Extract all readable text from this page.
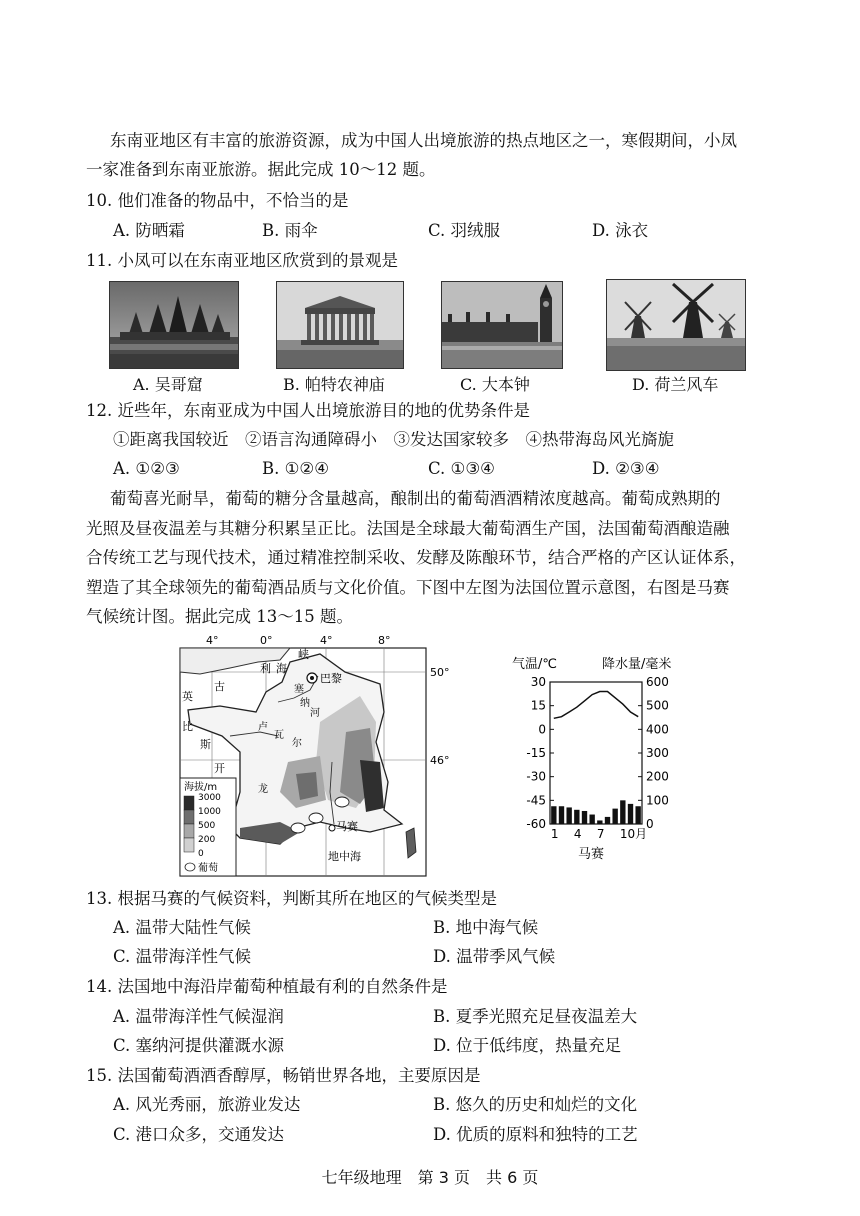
东南亚地区有丰富的旅游资源，成为中国人出境旅游的热点地区之一，寒假期间，小凤
一家准备到东南亚旅游。据此完成 10～12 题。
10. 他们准备的物品中，不恰当的是
A. 防晒霜	B. 雨伞	C. 羽绒服	D. 泳衣
11. 小凤可以在东南亚地区欣赏到的景观是
A. 吴哥窟	B. 帕特农神庙	C. 大本钟	D. 荷兰风车
12. 近些年，东南亚成为中国人出境旅游目的地的优势条件是
①距离我国较近　②语言沟通障碍小　③发达国家较多　④热带海岛风光旖旎
A. ①②③	B. ①②④	C. ①③④	D. ②③④
葡萄喜光耐旱，葡萄的糖分含量越高，酿制出的葡萄酒酒精浓度越高。葡萄成熟期的
光照及昼夜温差与其糖分积累呈正比。法国是全球最大葡萄酒生产国，法国葡萄酒酿造融
合传统工艺与现代技术，通过精准控制采收、发酵及陈酿环节，结合严格的产区认证体系，
塑造了其全球领先的葡萄酒品质与文化价值。下图中左图为法国位置示意图，右图是马赛
气候统计图。据此完成 13～15 题。
4°	0°	4°	8°
巴黎
马赛
利 海
峡
古
英
比
斯
开
塞
纳
河
卢
瓦
尔
龙
地中海
50°
46°
海拔/m
3000
1000
500
200
0
葡萄
气温/℃	降水量/毫米
30
15
0
-15
-30
-45
-60
600
500
400
300
200
100
0
1 4 7 10月
马赛
13. 根据马赛的气候资料，判断其所在地区的气候类型是
A. 温带大陆性气候	B. 地中海气候
C. 温带海洋性气候	D. 温带季风气候
14. 法国地中海沿岸葡萄种植最有利的自然条件是
A. 温带海洋性气候湿润	B. 夏季光照充足昼夜温差大
C. 塞纳河提供灌溉水源	D. 位于低纬度，热量充足
15. 法国葡萄酒酒香醇厚，畅销世界各地，主要原因是
A. 风光秀丽，旅游业发达	B. 悠久的历史和灿烂的文化
C. 港口众多，交通发达	D. 优质的原料和独特的工艺
七年级地理　第 3 页　共 6 页
